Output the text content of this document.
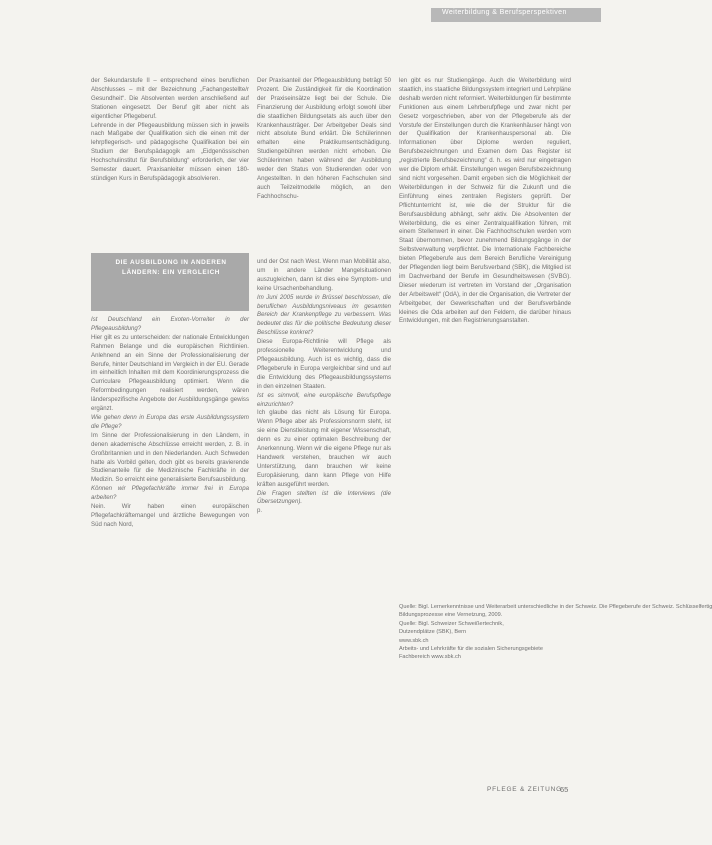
Weiterbildung & Berufsperspektiven
der Sekundarstufe II – entsprechend eines beruflichen Abschlusses – mit der Bezeichnung „Fachangestellte/r Gesundheit“. Die Absolventen werden anschließend auf Stationen eingesetzt. Der Beruf gilt aber nicht als eigentlicher Pflegeberuf.
Lehrende in der Pflegeausbildung müssen sich in jeweils nach Maßgabe der Qualifikation sich die einen mit der lehrpflegerisch- und pädagogische Qualifikation bei ein Studium der Berufspädagogik am „Eidgenössischen Hochschulinstitut für Berufsbildung“ erforderlich, der vier Semester dauert. Praxisanleiter müssen einen 180-stündigen Kurs in Berufspädagogik absolvieren.
DIE AUSBILDUNG IN ANDEREN LÄNDERN: EIN VERGLEICH
Ist Deutschland ein Exoten-Vorreiter in der Pflegeausbildung?
Hier gilt es zu unterscheiden: der nationale Entwicklungen Rahmen Belange und die europäischen Richtlinien. Anlehnend an ein Sinne der Professionalisierung der Berufe, hinter Deutschland im Vergleich in der EU. Gerade im einheitlich Inhalten mit dem Koordinierungsprozess die Curriculare Pflegeausbildung optimiert. Wenn die Reformbedingungen realisiert werden, wären länderspezifische Angebote der Ausbildungsgänge gewiss ergänzt.
Wie gehen denn in Europa das erste Ausbildungssystem die Pflege?
Im Sinne der Professionalisierung in den Ländern, in denen akademische Abschlüsse erreicht werden, z. B. in Großbritannien und in den Niederlanden. Auch Schweden hatte als Vorbild gelten, doch gibt es bereits gravierende Studienanteile für die Medizinische Fachkräfte in der Medizin. So erreicht eine generalisierte Berufsausbildung.
Können wir Pflegefachkräfte immer frei in Europa arbeiten?
Nein. Wir haben einen europäischen Pflegefachkräftemangel und ärztliche Bewegungen von Süd nach Nord,
Der Praxisanteil der Pflegeausbildung beträgt 50 Prozent. Die Zuständigkeit für die Koordination der Praxiseinsätze liegt bei der Schule. Die Finanzierung der Ausbildung erfolgt sowohl über die staatlichen Bildungsetats als auch über den Krankenhausträger. Der Arbeitgeber Deals sind nicht absolute Bund erklärt. Die Schülerinnen erhalten eine Praktikumsentschädigung. Studiengebühren werden nicht erhoben. Die Schülerinnen haben während der Ausbildung weder den Status von Studierenden oder von Angestellten. In den höheren Fachschulen sind auch Teilzeitmodelle möglich, an den Fachhochschu-
und der Ost nach West. Wenn man Mobilität also, um in andere Länder Mangelsituationen auszugleichen, dann ist dies eine Symptom- und keine Ursachenbehandlung.
Im Juni 2005 wurde in Brüssel beschlossen, die beruflichen Ausbildungsniveaus im gesamten Bereich der Krankenpflege zu verbessern. Was bedeutet das für die politische Bedeutung dieser Beschlüsse konkret?
Diese Europa-Richtlinie will Pflege als professionelle Weiterentwicklung und Pflegeausbildung. Auch ist es wichtig, dass die Pflegeberufe in Europa vergleichbar sind und auf die Entwicklung des Pflegeausbildungssystems in den einzelnen Staaten.
Ist es sinnvoll, eine europäische Berufspflege einzurichten?
Ich glaube das nicht als Lösung für Europa. Wenn Pflege aber als Professionsnorm steht, ist sie eine Dienstleistung mit eigener Wissenschaft, denn es zu einer optimalen Beschreibung der Anerkennung. Wenn wir die eigene Pflege nur als Handwerk verstehen, brauchen wir auch Unterstützung, dann brauchen wir keine Europäisierung, dann kann Pflege von Hilfe kräften ausgeführt werden.
Die Fragen stellten ist die Interviews (die Übersetzungen).
p.
len gibt es nur Studiengänge. Auch die Weiterbildung wird staatlich, ins staatliche Bildungssystem integriert und Lehrpläne deshalb werden nicht reformiert. Weiterbildungen für bestimmte Funktionen aus einem Lehrberufpflege und zwar nicht per Gesetz vorgeschrieben, aber von der Pflegeberufe als der Vorstufe der Einstellungen durch die Krankenhäuser hängt von der Qualifikation der Krankenhauspersonal ab. Die Informationen über Diplome werden reguliert, Berufsbezeichnungen und Examen dem Das Register ist „registrierte Berufsbezeichnung“ d. h. es wird nur eingetragen wer die Diplom erhält. Einstellungen wegen Berufsbezeichnung sind nicht vorgesehen. Damit ergeben sich die Möglichkeit der Weiterbildungen in der Schweiz für die Zukunft und die Einführung eines zentralen Registers geprüft. Der Pflichtunterricht ist, wie die der Struktur für die Berufsausbildung abhängt, sehr aktiv. Die Absolventen der Weiterbildung, die es einer Zentralqualifikation führen, mit einem Stellenwert in einer. Die Fachhochschulen werden vom Staat übernommen, bevor zunehmend Bildungsgänge in der Selbstverwaltung verpflichtet. Die Internationale Fachbereiche bieten Pflegeberufe aus dem Bereich Berufliche Vereinigung der Pflegenden liegt beim Berufsverband (SBK), die Mitglied ist im Dachverband der Berufe im Gesundheitswesen (SVBG). Dieser wiederum ist vertreten im Vorstand der „Organisation der Arbeitswelt“ (OdA), in der die Organisation, die Vertreter der Arbeitgeber, der Gewerkschaften und der Berufsverbände kleines die Oda arbeiten auf den Feldern, die darüber hinaus Entwicklungen, mit den Registrierungsanstalten.
Quelle: Bigl. Lernerkenntnisse und Weiterarbeit unterschiedliche in der Schweiz. Die Pflegeberufe der Schweiz. Schlüsselfertig
Bildungsprozesse eine Vernetzung, 2009.
Quelle: Bigl. Schweizer Schweißertechnik,
Dutzendplätze (SBK), Bern
www.sbk.ch
Arbeits- und Lehrkräfte für die sozialen Sicherungsgebiete
Fachbereich www.sbk.ch
PFLEGE & ZEITUNG
65
